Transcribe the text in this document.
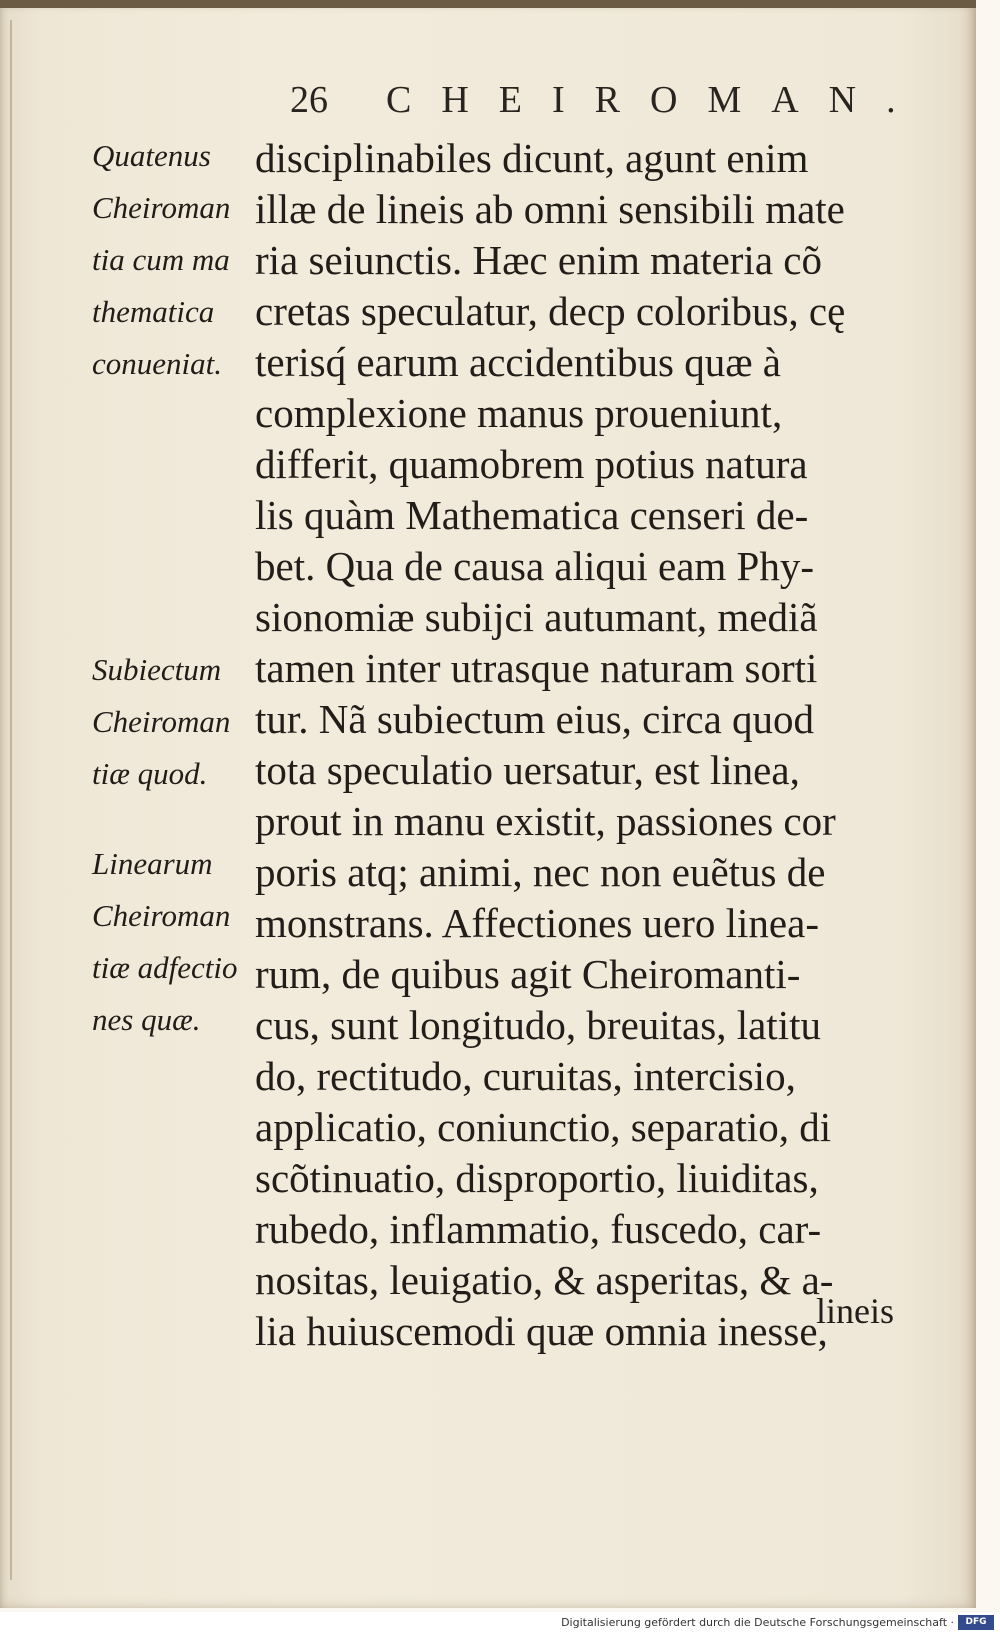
26 CHEIROMAN.
Quatenus
Cheiroman
tia cum ma
thematica
conueniat.
Subiectum
Cheiroman
tiæ quod.
Linearum
Cheiroman
tiæ adfectio
nes quæ.
disciplinabiles dicunt, agunt enim
illæ de lineis ab omni sensibili mate
ria seiunctis. Hæc enim materia cõ
cretas speculatur, decp coloribus, cę
terisq́ earum accidentibus quæ à
complexione manus proueniunt,
differit, quamobrem potius natura
lis quàm Mathematica censeri de-
bet. Qua de causa aliqui eam Phy-
sionomiæ subijci autumant, mediã
tamen inter utrasque naturam sorti
tur. Nã subiectum eius, circa quod
tota speculatio uersatur, est linea,
prout in manu existit, passiones cor
poris atq; animi, nec non euẽtus de
monstrans. Affectiones uero linea-
rum, de quibus agit Cheiromanti-
cus, sunt longitudo, breuitas, latitu
do, rectitudo, curuitas, intercisio,
applicatio, coniunctio, separatio, di
scõtinuatio, disproportio, liuiditas,
rubedo, inflammatio, fuscedo, car-
nositas, leuigatio, & asperitas, & a-
lia huiuscemodi quæ omnia inesse,
lineis
Digitalisierung gefördert durch die Deutsche Forschungsgemeinschaft ·	DFG
